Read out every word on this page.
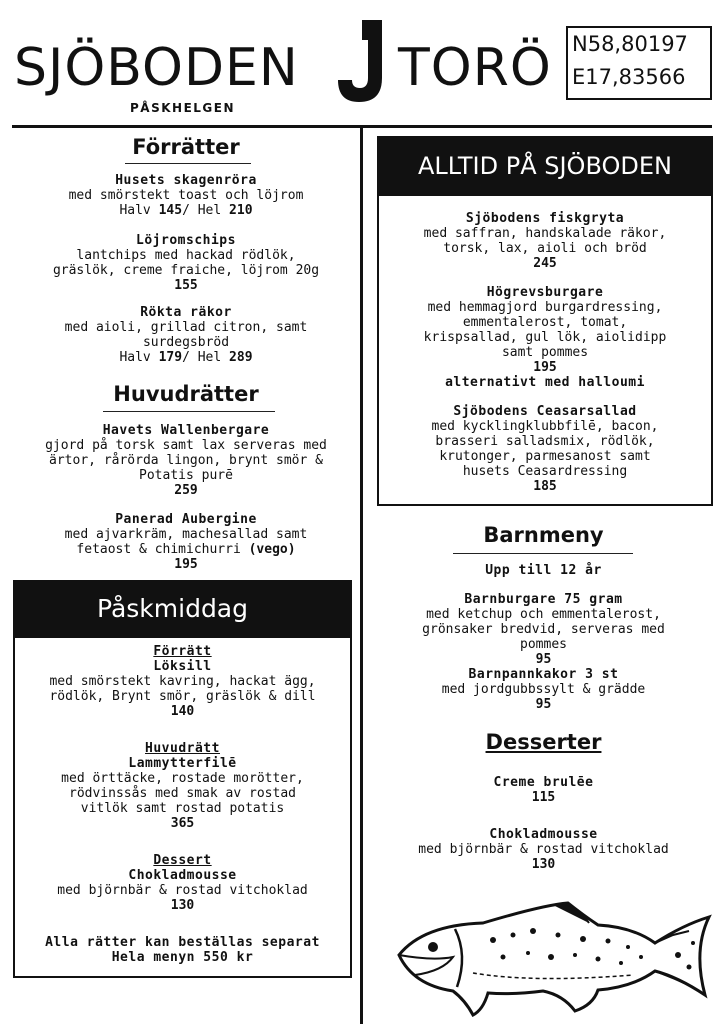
SJÖBODEN TORÖ N58,80197
E17,83566
PÅSKHELGEN
Förrätter
Husets skagenröra
med smörstekt toast och löjrom
Halv 145/ Hel 210
Löjromschips
lantchips med hackad rödlök,
gräslök, creme fraiche, löjrom 20g
155
Rökta räkor
med aioli, grillad citron, samt
surdegsbröd
Halv 179/ Hel 289
Huvudrätter
Havets Wallenbergare
gjord på torsk samt lax serveras med
ärtor, rårörda lingon, brynt smör &
Potatis purē
259
Panerad Aubergine
med ajvarkräm, machesallad samt
fetaost & chimichurri (vego)
195
Påskmiddag
Förrätt
Löksill
med smörstekt kavring, hackat ägg,
rödlök, Brynt smör, gräslök & dill
140
Huvudrätt
Lammytterfilē
med örttäcke, rostade morötter,
rödvinssås med smak av rostad
vitlök samt rostad potatis
365
Dessert
Chokladmousse
med björnbär & rostad vitchoklad
130
Alla rätter kan beställas separat
Hela menyn 550 kr
ALLTID PÅ SJÖBODEN
Sjöbodens fiskgryta
med saffran, handskalade räkor,
torsk, lax, aioli och bröd
245
Högrevsburgare
med hemmagjord burgardressing,
emmentalerost, tomat,
krispsallad, gul lök, aiolidipp
samt pommes
195
alternativt med halloumi
Sjöbodens Ceasarsallad
med kycklingklubbfilē, bacon,
brasseri salladsmix, rödlök,
krutonger, parmesanost samt
husets Ceasardressing
185
Barnmeny
Upp till 12 år
Barnburgare 75 gram
med ketchup och emmentalerost,
grönsaker bredvid, serveras med
pommes
95
Barnpannkakor 3 st
med jordgubbssylt & grädde
95
Desserter
Creme brulēe
115
Chokladmousse
med björnbär & rostad vitchoklad
130
